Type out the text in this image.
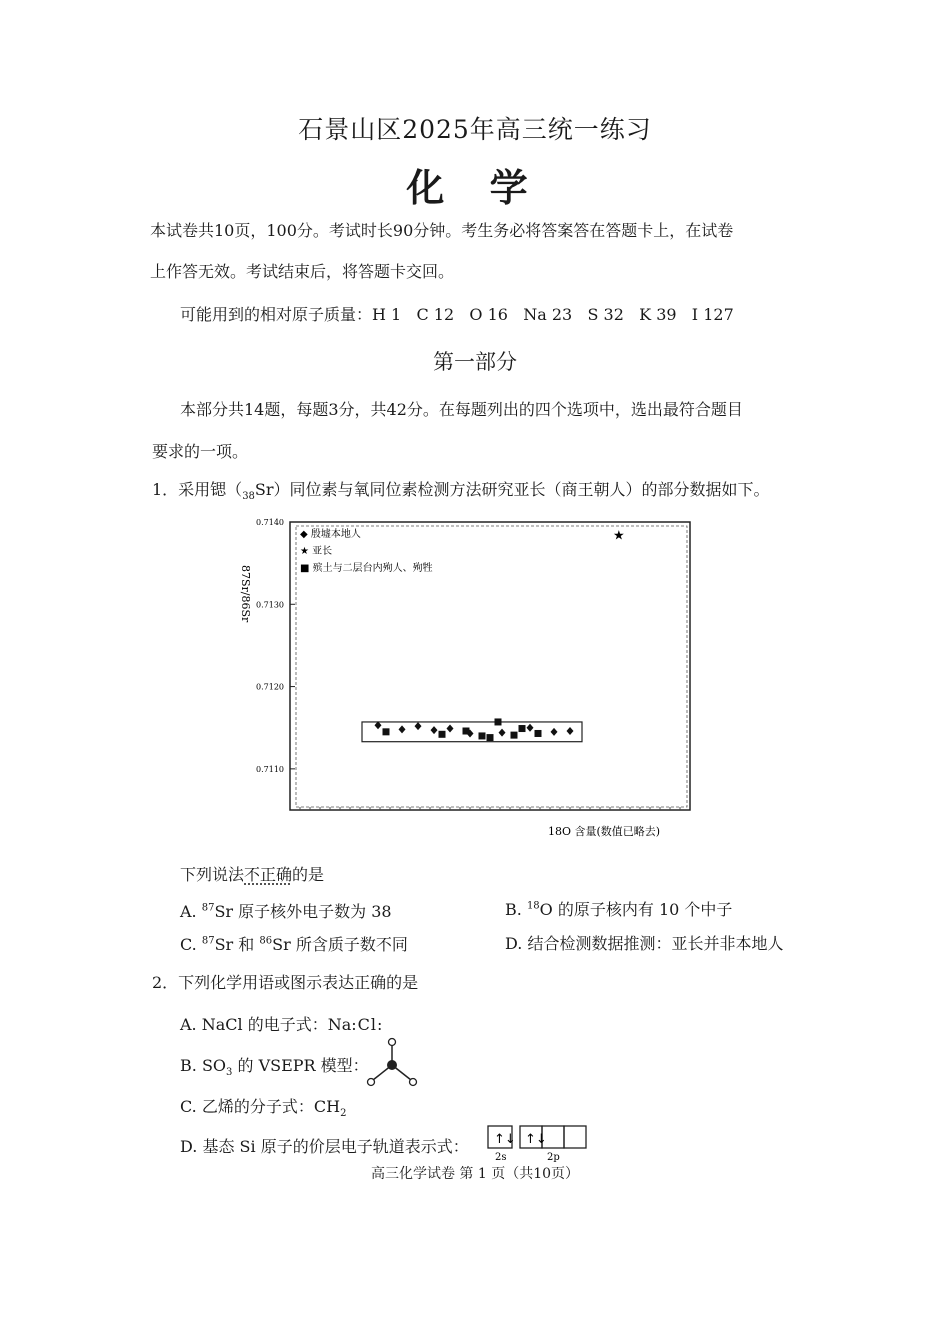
石景山区2025年高三统一练习
化 学
本试卷共10页，100分。考试时长90分钟。考生务必将答案答在答题卡上，在试卷
上作答无效。考试结束后，将答题卡交回。
可能用到的相对原子质量：H 1   C 12   O 16   Na 23   S 32   K 39   I 127
第一部分
本部分共14题，每题3分，共42分。在每题列出的四个选项中，选出最符合题目
要求的一项。
1．采用锶$(_{38}Sr)$同位素与氧同位素检测方法研究亚长（商王朝人）的部分数据如下。
87Sr/86Sr
0.7140
0.7130
0.7120
0.7110
◆ 殷墟本地人
★ 亚长
■ 殡土与二层台内殉人、殉牲
★
18O 含量(数值已略去)
下列说法不正确的是
A. $^{87}$Sr 原子核外电子数为 38	B. $^{18}$O 的原子核内有 10 个中子
C. $^{87}$Sr 和 $^{86}$Sr 所含质子数不同	D. 结合检测数据推测：亚长并非本地人
2．下列化学用语或图示表达正确的是
A. NaCl 的电子式：Na:Cl:
B. $SO_3$ 的 VSEPR 模型：
C. 乙烯的分子式：$CH_2$
D. 基态 Si 原子的价层电子轨道表示式： ↑↓ ↑↓
2s	2p
高三化学试卷 第 1 页（共10页）
